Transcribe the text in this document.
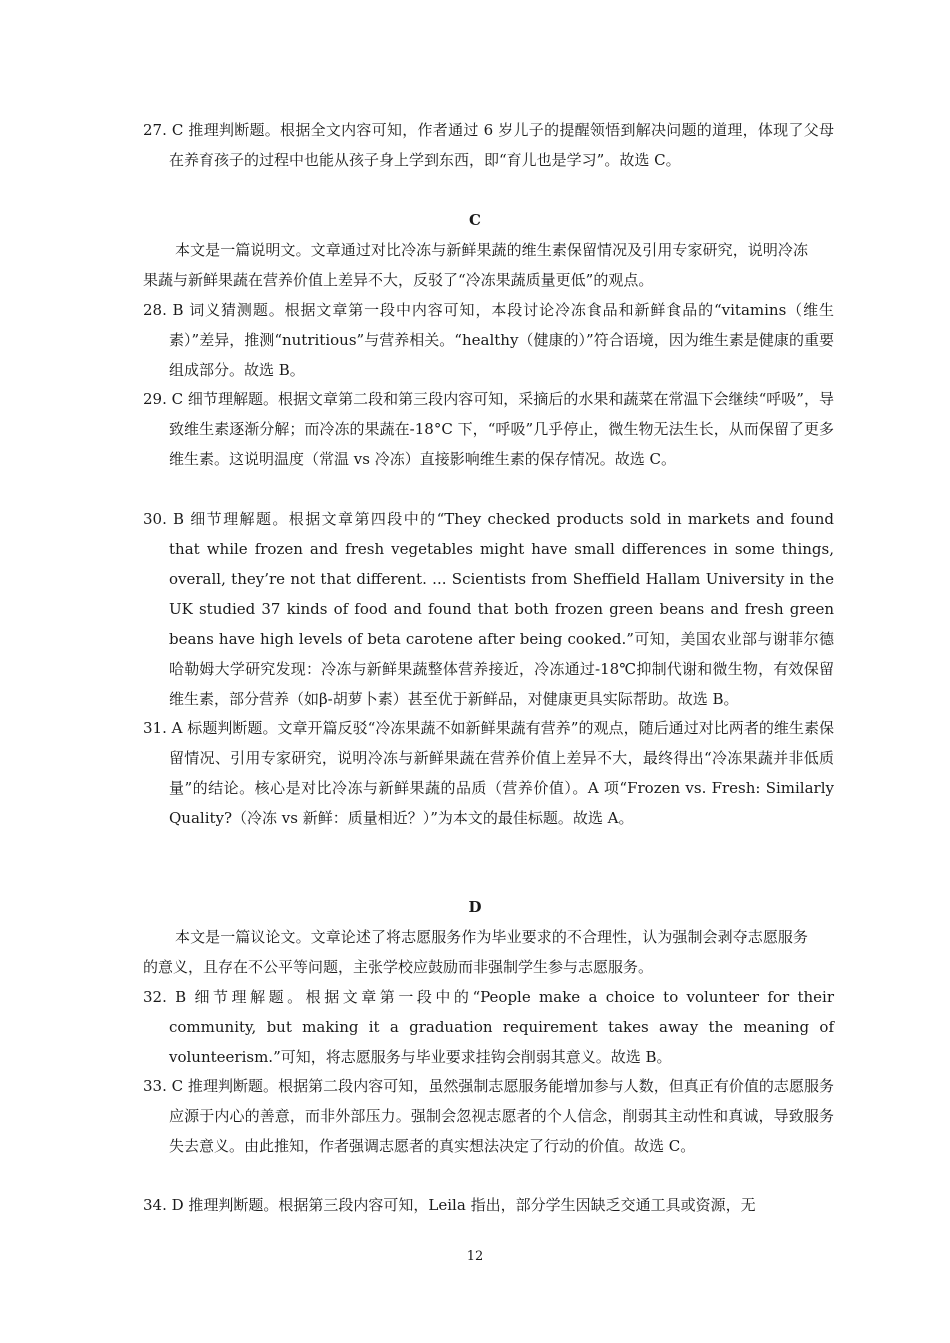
27. C 推理判断题。根据全文内容可知，作者通过 6 岁儿子的提醒领悟到解决问题的道理，体现了父母在养育孩子的过程中也能从孩子身上学到东西，即“育儿也是学习”。故选 C。
C
本文是一篇说明文。文章通过对比冷冻与新鲜果蔬的维生素保留情况及引用专家研究，说明冷冻果蔬与新鲜果蔬在营养价值上差异不大，反驳了“冷冻果蔬质量更低”的观点。
28. B 词义猜测题。根据文章第一段中内容可知，本段讨论冷冻食品和新鲜食品的“vitamins（维生素）”差异，推测“nutritious”与营养相关。“healthy（健康的）”符合语境，因为维生素是健康的重要组成部分。故选 B。
29. C 细节理解题。根据文章第二段和第三段内容可知，采摘后的水果和蔬菜在常温下会继续“呼吸”，导致维生素逐渐分解；而冷冻的果蔬在-18°C 下，“呼吸”几乎停止，微生物无法生长，从而保留了更多维生素。这说明温度（常温 vs 冷冻）直接影响维生素的保存情况。故选 C。
30. B 细节理解题。根据文章第四段中的“They checked products sold in markets and found that while frozen and fresh vegetables might have small differences in some things, overall, they’re not that different. ... Scientists from Sheffield Hallam University in the UK studied 37 kinds of food and found that both frozen green beans and fresh green beans have high levels of beta carotene after being cooked.”可知，美国农业部与谢菲尔德哈勒姆大学研究发现：冷冻与新鲜果蔬整体营养接近，冷冻通过-18℃抑制代谢和微生物，有效保留维生素，部分营养（如β-胡萝卜素）甚至优于新鲜品，对健康更具实际帮助。故选 B。
31. A 标题判断题。文章开篇反驳“冷冻果蔬不如新鲜果蔬有营养”的观点，随后通过对比两者的维生素保留情况、引用专家研究，说明冷冻与新鲜果蔬在营养价值上差异不大，最终得出“冷冻果蔬并非低质量”的结论。核心是对比冷冻与新鲜果蔬的品质（营养价值）。A 项“Frozen vs. Fresh: Similarly Quality?（冷冻 vs 新鲜：质量相近？）”为本文的最佳标题。故选 A。
D
本文是一篇议论文。文章论述了将志愿服务作为毕业要求的不合理性，认为强制会剥夺志愿服务的意义，且存在不公平等问题，主张学校应鼓励而非强制学生参与志愿服务。
32. B 细节理解题。根据文章第一段中的“People make a choice to volunteer for their community, but making it a graduation requirement takes away the meaning of volunteerism.”可知，将志愿服务与毕业要求挂钩会削弱其意义。故选 B。
33. C 推理判断题。根据第二段内容可知，虽然强制志愿服务能增加参与人数，但真正有价值的志愿服务应源于内心的善意，而非外部压力。强制会忽视志愿者的个人信念，削弱其主动性和真诚，导致服务失去意义。由此推知，作者强调志愿者的真实想法决定了行动的价值。故选 C。
34. D 推理判断题。根据第三段内容可知，Leila 指出，部分学生因缺乏交通工具或资源，无
12
